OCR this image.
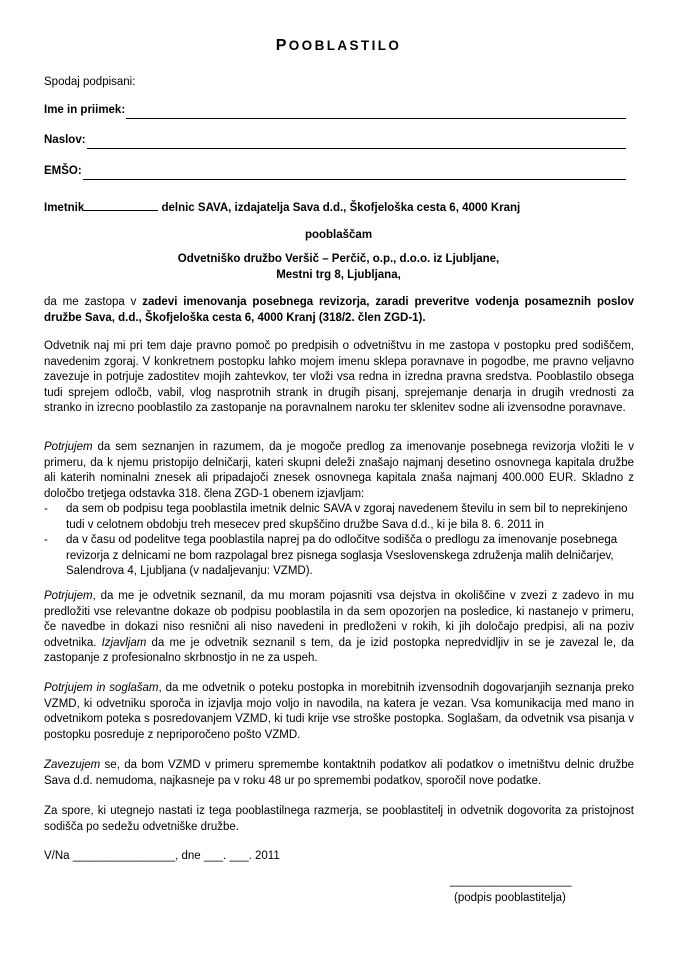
POOBLASTILO
Spodaj podpisani:
Ime in priimek:
Naslov:
EMŠO:
Imetnik	delnic SAVA, izdajatelja Sava d.d., Škofjeloška cesta 6, 4000 Kranj
pooblaščam
Odvetniško družbo Veršič – Perčič, o.p., d.o.o. iz Ljubljane,
Mestni trg 8, Ljubljana,
da me zastopa v zadevi imenovanja posebnega revizorja, zaradi preveritve vodenja posameznih poslov družbe Sava, d.d., Škofjeloška cesta 6, 4000 Kranj (318/2. člen ZGD-1).
Odvetnik naj mi pri tem daje pravno pomoč po predpisih o odvetništvu in me zastopa v postopku pred sodiščem, navedenim zgoraj. V konkretnem postopku lahko mojem imenu sklepa poravnave in pogodbe, me pravno veljavno zavezuje in potrjuje zadostitev mojih zahtevkov, ter vloži vsa redna in izredna pravna sredstva. Pooblastilo obsega tudi sprejem odločb, vabil, vlog nasprotnih strank in drugih pisanj, sprejemanje denarja in drugih vrednosti za stranko in izrecno pooblastilo za zastopanje na poravnalnem naroku ter sklenitev sodne ali izvensodne poravnave.
Potrjujem da sem seznanjen in razumem, da je mogoče predlog za imenovanje posebnega revizorja vložiti le v primeru, da k njemu pristopijo delničarji, kateri skupni deleži znašajo najmanj desetino osnovnega kapitala družbe ali katerih nominalni znesek ali pripadajoči znesek osnovnega kapitala znaša najmanj 400.000 EUR. Skladno z določbo tretjega odstavka 318. člena ZGD-1 obenem izjavljam:
-	da sem ob podpisu tega pooblastila imetnik delnic SAVA v zgoraj navedenem številu in sem bil to neprekinjeno tudi v celotnem obdobju treh mesecev pred skupščino družbe Sava d.d., ki je bila 8. 6. 2011 in
-	da v času od podelitve tega pooblastila naprej pa do odločitve sodišča o predlogu za imenovanje posebnega revizorja z delnicami ne bom razpolagal brez pisnega soglasja Vseslovenskega združenja malih delničarjev, Salendrova 4, Ljubljana (v nadaljevanju: VZMD).
Potrjujem, da me je odvetnik seznanil, da mu moram pojasniti vsa dejstva in okoliščine v zvezi z zadevo in mu predložiti vse relevantne dokaze ob podpisu pooblastila in da sem opozorjen na posledice, ki nastanejo v primeru, če navedbe in dokazi niso resnični ali niso navedeni in predloženi v rokih, ki jih določajo predpisi, ali na poziv odvetnika. Izjavljam da me je odvetnik seznanil s tem, da je izid postopka nepredvidljiv in se je zavezal le, da zastopanje z profesionalno skrbnostjo in ne za uspeh.
Potrjujem in soglašam, da me odvetnik o poteku postopka in morebitnih izvensodnih dogovarjanjih seznanja preko VZMD, ki odvetniku sporoča in izjavlja mojo voljo in navodila, na katera je vezan. Vsa komunikacija med mano in odvetnikom poteka s posredovanjem VZMD, ki tudi krije vse stroške postopka. Soglašam, da odvetnik vsa pisanja v postopku posreduje z nepriporočeno pošto VZMD.
Zavezujem se, da bom VZMD v primeru spremembe kontaktnih podatkov ali podatkov o imetništvu delnic družbe Sava d.d. nemudoma, najkasneje pa v roku 48 ur po spremembi podatkov, sporočil nove podatke.
Za spore, ki utegnejo nastati iz tega pooblastilnega razmerja, se pooblastitelj in odvetnik dogovorita za pristojnost sodišča po sedežu odvetniške družbe.
V/Na ________________, dne ___. ___. 2011
___________________
(podpis pooblastitelja)
